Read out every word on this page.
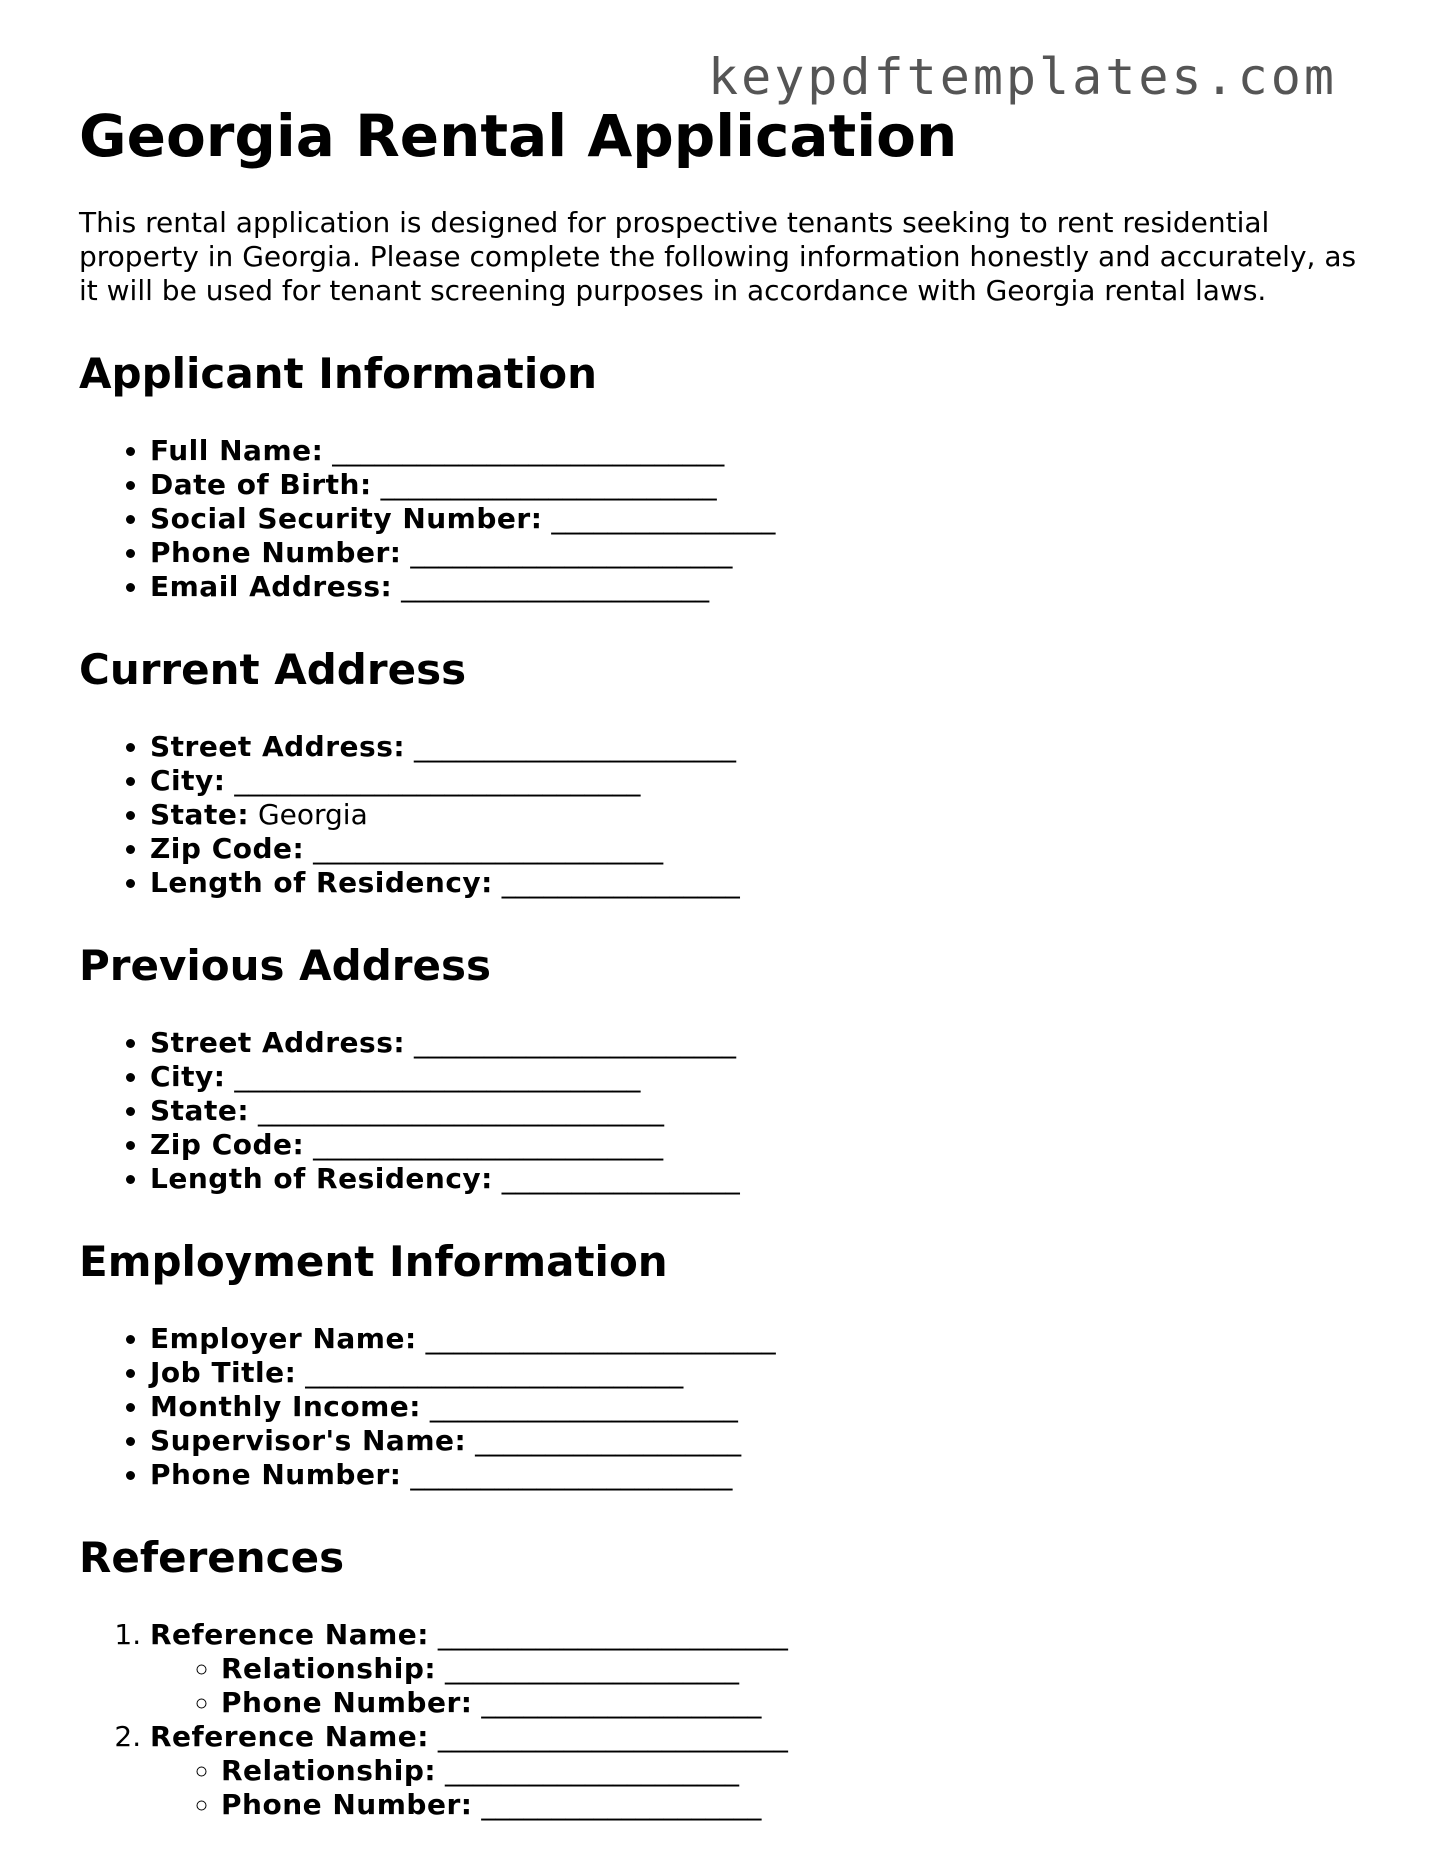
keypdftemplates.com
Georgia Rental Application

This rental application is designed for prospective tenants seeking to rent residential property in Georgia. Please complete the following information honestly and accurately, as it will be used for tenant screening purposes in accordance with Georgia rental laws.

Applicant Information
• Full Name: ____________________________
• Date of Birth: ________________________
• Social Security Number: ________________
• Phone Number: _______________________
• Email Address: ______________________
Current Address
• Street Address: _______________________
• City: _____________________________
• State: Georgia
• Zip Code: _________________________
• Length of Residency: _________________
Previous Address
• Street Address: _______________________
• City: _____________________________
• State: _____________________________
• Zip Code: _________________________
• Length of Residency: _________________
Employment Information
• Employer Name: _________________________
• Job Title: ___________________________
• Monthly Income: ______________________
• Supervisor's Name: ___________________
• Phone Number: _______________________
References
1. Reference Name: _________________________
◦ Relationship: _____________________
◦ Phone Number: ____________________
2. Reference Name: _________________________
◦ Relationship: _____________________
◦ Phone Number: ____________________
